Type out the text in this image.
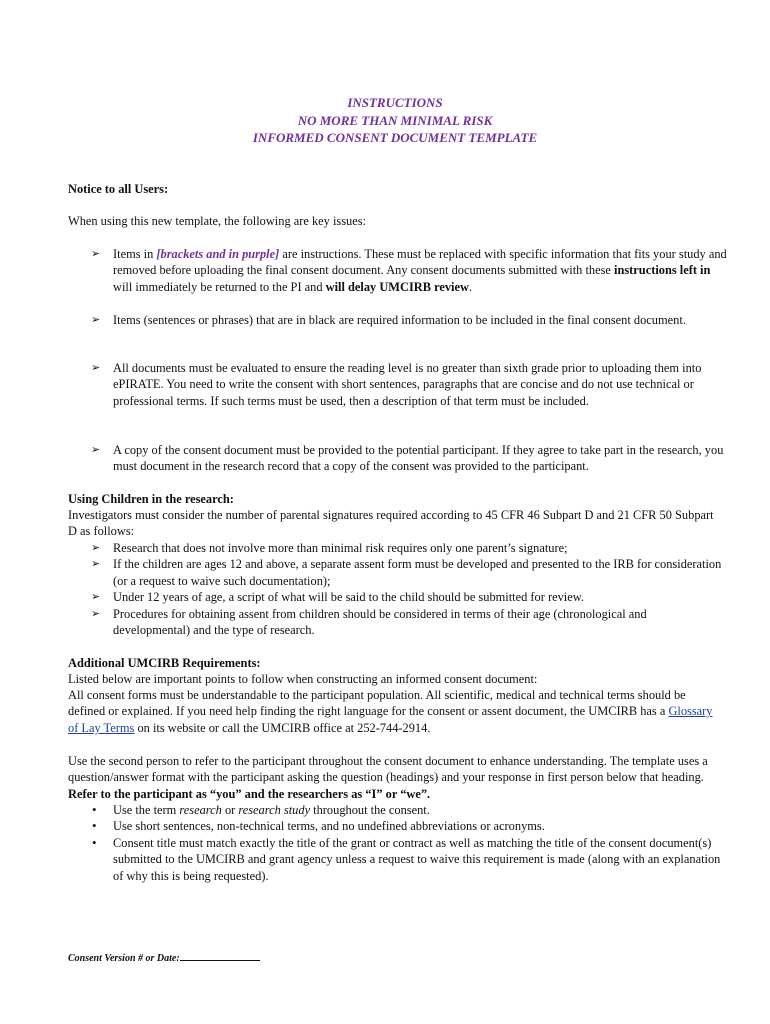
INSTRUCTIONS
NO MORE THAN MINIMAL RISK
INFORMED CONSENT DOCUMENT TEMPLATE
Notice to all Users:
When using this new template, the following are key issues:
➢	Items in [brackets and in purple] are instructions. These must be replaced with specific information that fits your study and removed before uploading the final consent document. Any consent documents submitted with these instructions left in will immediately be returned to the PI and will delay UMCIRB review.
➢	Items (sentences or phrases) that are in black are required information to be included in the final consent document.
➢	All documents must be evaluated to ensure the reading level is no greater than sixth grade prior to uploading them into ePIRATE. You need to write the consent with short sentences, paragraphs that are concise and do not use technical or professional terms. If such terms must be used, then a description of that term must be included.
➢	A copy of the consent document must be provided to the potential participant. If they agree to take part in the research, you must document in the research record that a copy of the consent was provided to the participant.
Using Children in the research:
Investigators must consider the number of parental signatures required according to 45 CFR 46 Subpart D and 21 CFR 50 Subpart D as follows:
➢ Research that does not involve more than minimal risk requires only one parent’s signature;
➢ If the children are ages 12 and above, a separate assent form must be developed and presented to the IRB for consideration (or a request to waive such documentation);
➢ Under 12 years of age, a script of what will be said to the child should be submitted for review.
➢ Procedures for obtaining assent from children should be considered in terms of their age (chronological and developmental) and the type of research.
Additional UMCIRB Requirements:
Listed below are important points to follow when constructing an informed consent document:
All consent forms must be understandable to the participant population. All scientific, medical and technical terms should be defined or explained. If you need help finding the right language for the consent or assent document, the UMCIRB has a Glossary of Lay Terms on its website or call the UMCIRB office at 252-744-2914.
Use the second person to refer to the participant throughout the consent document to enhance understanding. The template uses a question/answer format with the participant asking the question (headings) and your response in first person below that heading. Refer to the participant as “you” and the researchers as “I” or “we”.
• Use the term research or research study throughout the consent.
• Use short sentences, non-technical terms, and no undefined abbreviations or acronyms.
• Consent title must match exactly the title of the grant or contract as well as matching the title of the consent document(s) submitted to the UMCIRB and grant agency unless a request to waive this requirement is made (along with an explanation of why this is being requested).
Consent Version # or Date:
